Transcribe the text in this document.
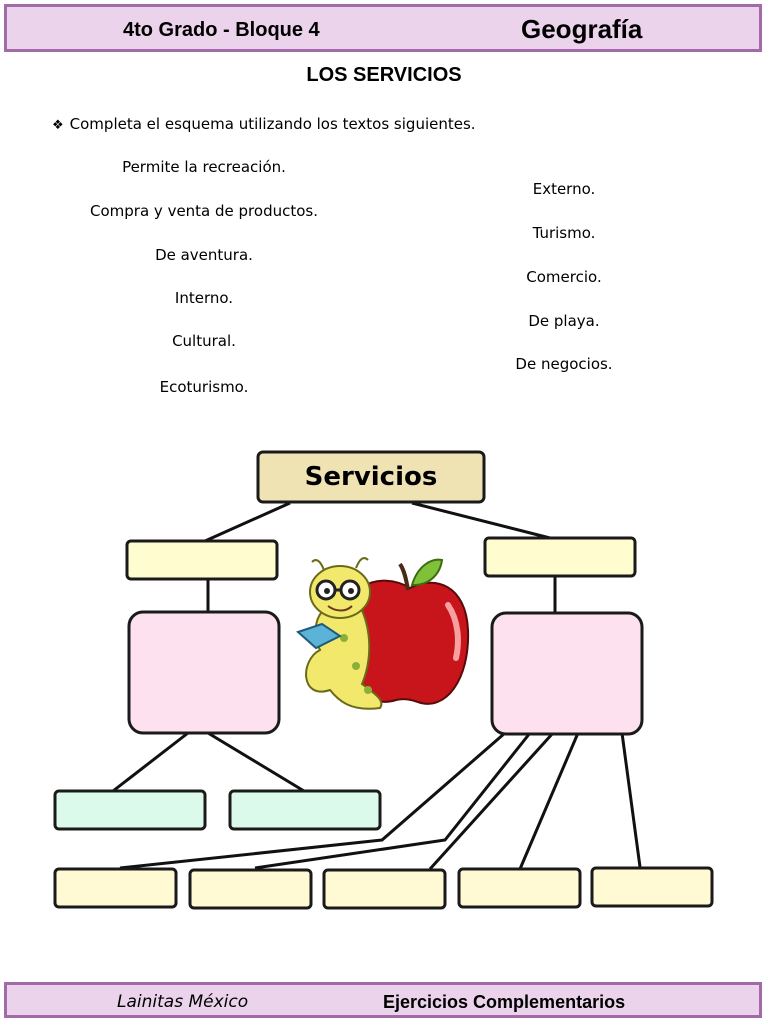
4to Grado - Bloque 4	Geografía
LOS SERVICIOS
❖ Completa el esquema utilizando los textos siguientes.
Permite la recreación.
Compra y venta de productos.
De aventura.
Interno.
Cultural.
Ecoturismo.
Externo.
Turismo.
Comercio.
De playa.
De negocios.
Servicios
Lainitas México	Ejercicios Complementarios
